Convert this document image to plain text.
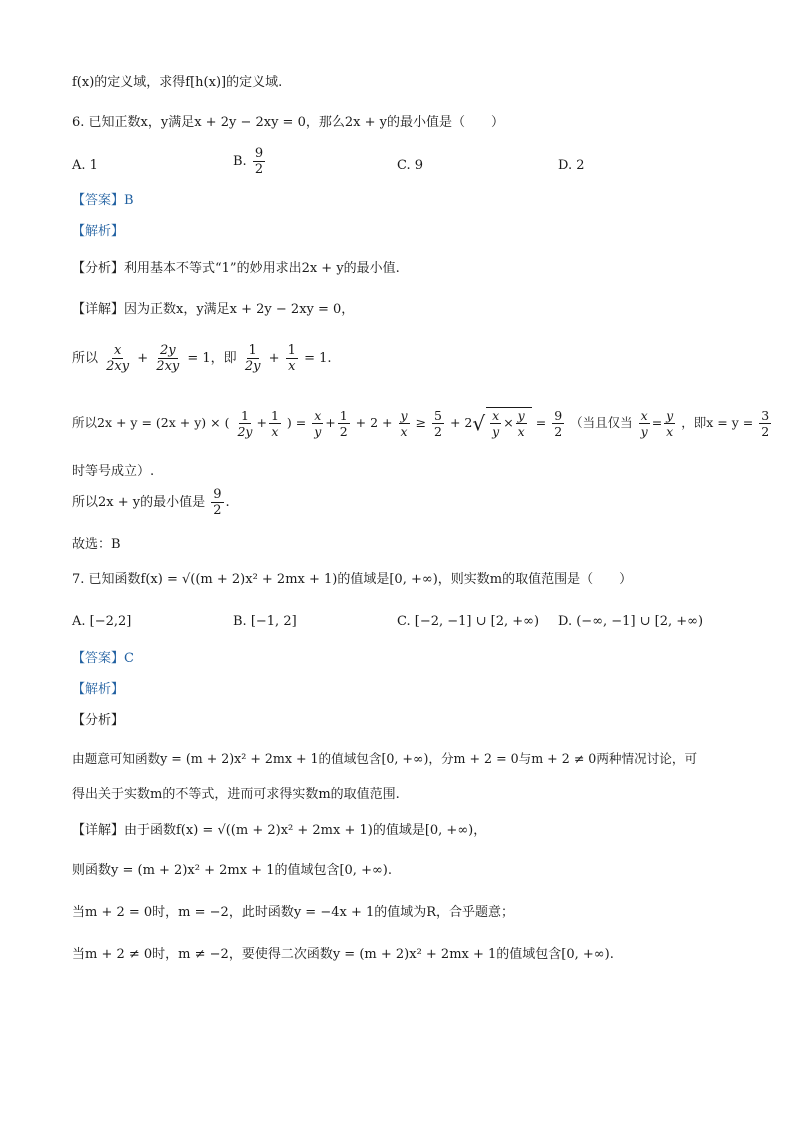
f(x)的定义域，求得f[h(x)]的定义域.
6. 已知正数x，y满足x + 2y − 2xy = 0，那么2x + y的最小值是（　　）
A. 1	B. $\frac{9}{2}$	C. 9	D. 2
【答案】B
【解析】
【分析】利用基本不等式“1”的妙用求出2x + y的最小值.
【详解】因为正数x，y满足x + 2y − 2xy = 0，
所以 $\frac{x}{2xy} + \frac{2y}{2xy} = 1$，即 $\frac{1}{2y} + \frac{1}{x} = 1$.
所以2x + y = (2x + y) × ( $\frac{1}{2y} + \frac{1}{x}$ ) = $\frac{x}{y} + \frac{1}{2} + 2 + \frac{y}{x} \ge \frac{5}{2} + 2√ \frac{x}{y} \times \frac{y}{x} = \frac{9}{2}$ （当且仅当 $\frac{x}{y} = \frac{y}{x}$ ，即$x = y = \frac{3}{2}$
时等号成立）.
所以2x + y的最小值是 $\frac{9}{2}$ .
故选：B
7. 已知函数f(x) = √((m + 2)x² + 2mx + 1)的值域是[0, +∞)，则实数m的取值范围是（　　）
A. [−2,2]	B. [−1, 2]	C. [−2, −1] ∪ [2, +∞) D. (−∞, −1] ∪ [2, +∞)
【答案】C
【解析】
【分析】
由题意可知函数y = (m + 2)x² + 2mx + 1的值域包含[0, +∞)，分m + 2 = 0与m + 2 ≠ 0两种情况讨论，可
得出关于实数m的不等式，进而可求得实数m的取值范围.
【详解】由于函数f(x) = √((m + 2)x² + 2mx + 1)的值域是[0, +∞)，
则函数y = (m + 2)x² + 2mx + 1的值域包含[0, +∞).
当m + 2 = 0时，m = −2，此时函数y = −4x + 1的值域为R，合乎题意；
当m + 2 ≠ 0时，m ≠ −2，要使得二次函数y = (m + 2)x² + 2mx + 1的值域包含[0, +∞).
